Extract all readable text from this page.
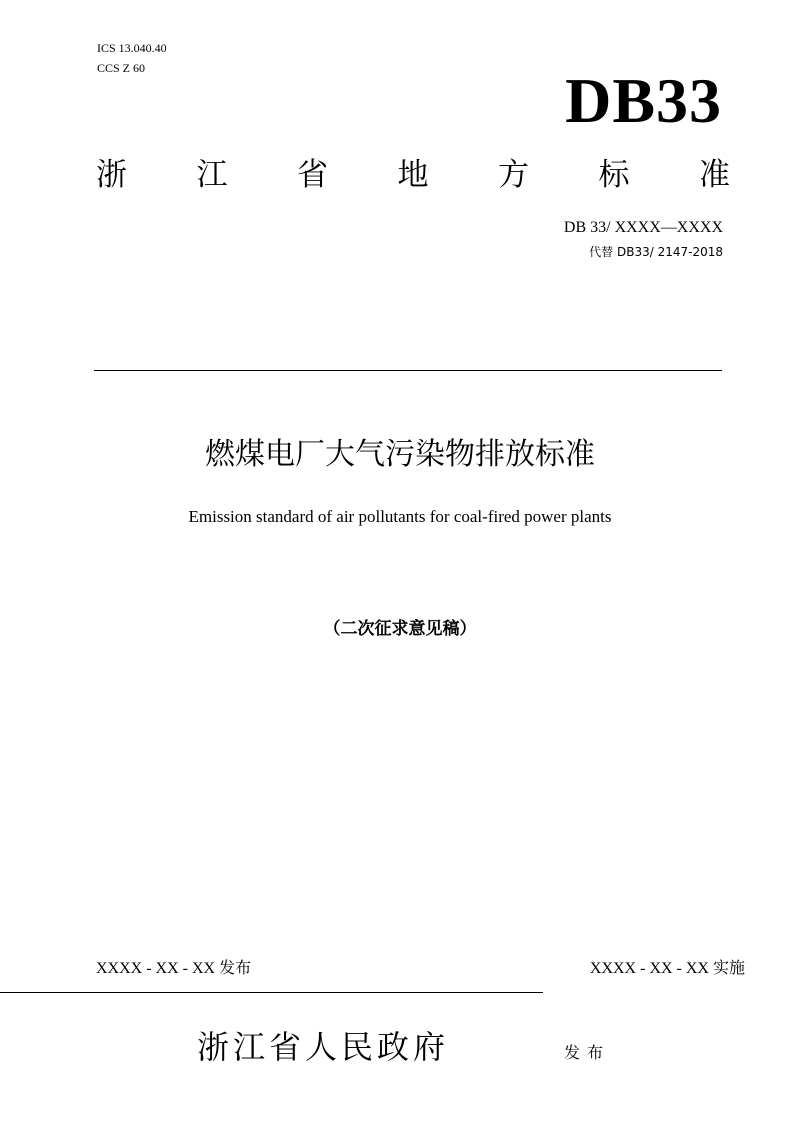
ICS 13.040.40
CCS Z 60	DB33
浙 江 省 地 方 标 准
DB 33/ XXXX—XXXX
代替 DB33/ 2147-2018
燃煤电厂大气污染物排放标准
Emission standard of air pollutants for coal-fired power plants
（二次征求意见稿）
XXXX - XX - XX 发布	XXXX - XX - XX 实施
浙江省人民政府	发布
